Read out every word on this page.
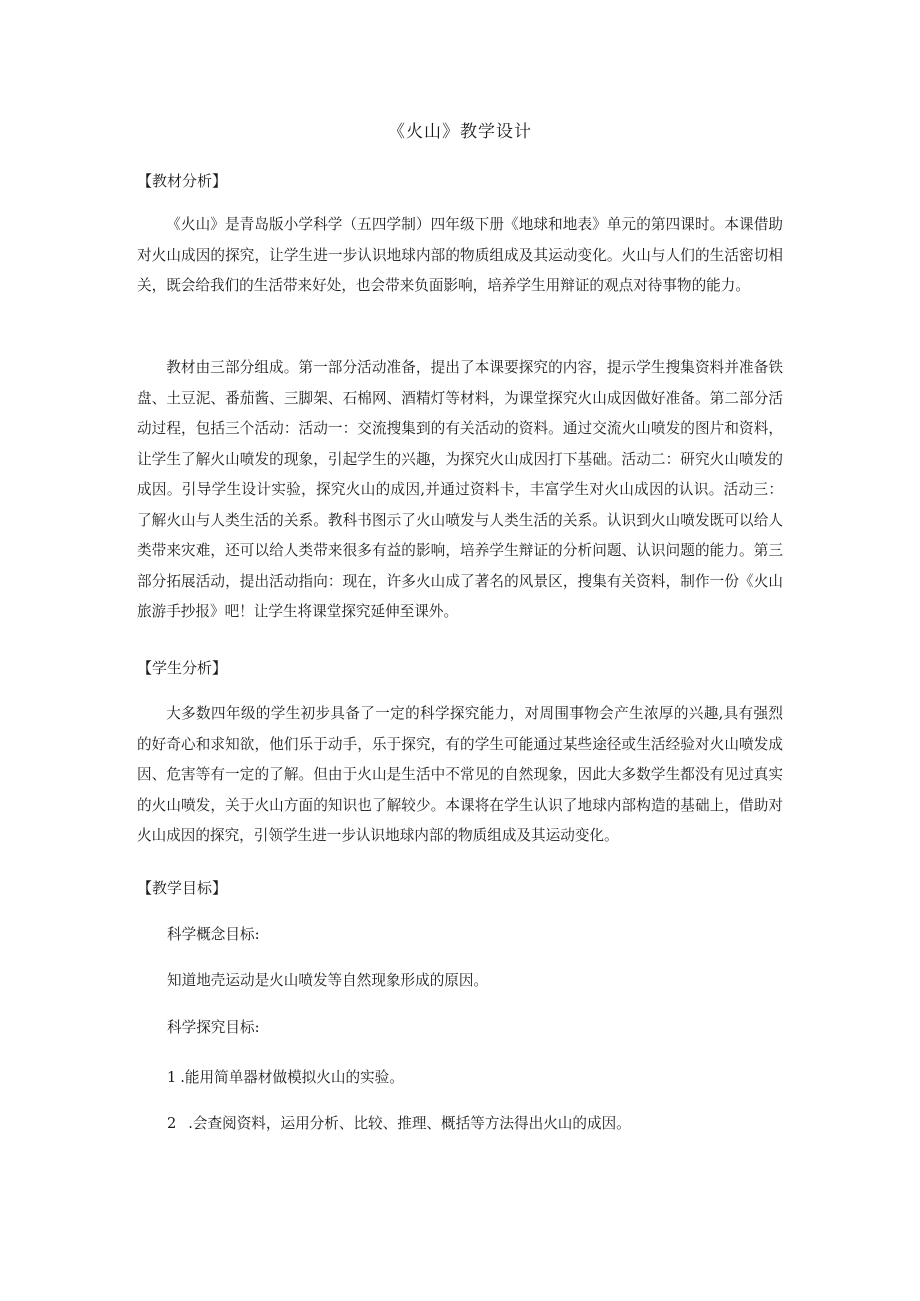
《火山》教学设计
【教材分析】
《火山》是青岛版小学科学（五四学制）四年级下册《地球和地表》单元的第四课时。本课借助对火山成因的探究，让学生进一步认识地球内部的物质组成及其运动变化。火山与人们的生活密切相关，既会给我们的生活带来好处，也会带来负面影响，培养学生用辩证的观点对待事物的能力。
教材由三部分组成。第一部分活动准备，提出了本课要探究的内容，提示学生搜集资料并准备铁盘、土豆泥、番茄酱、三脚架、石棉网、酒精灯等材料，为课堂探究火山成因做好准备。第二部分活动过程，包括三个活动：活动一：交流搜集到的有关活动的资料。通过交流火山喷发的图片和资料，让学生了解火山喷发的现象，引起学生的兴趣，为探究火山成因打下基础。活动二：研究火山喷发的成因。引导学生设计实验，探究火山的成因,并通过资料卡，丰富学生对火山成因的认识。活动三：了解火山与人类生活的关系。教科书图示了火山喷发与人类生活的关系。认识到火山喷发既可以给人类带来灾难，还可以给人类带来很多有益的影响，培养学生辩证的分析问题、认识问题的能力。第三部分拓展活动，提出活动指向：现在，许多火山成了著名的风景区，搜集有关资料，制作一份《火山旅游手抄报》吧！让学生将课堂探究延伸至课外。
【学生分析】
大多数四年级的学生初步具备了一定的科学探究能力，对周围事物会产生浓厚的兴趣,具有强烈的好奇心和求知欲，他们乐于动手，乐于探究，有的学生可能通过某些途径或生活经验对火山喷发成因、危害等有一定的了解。但由于火山是生活中不常见的自然现象，因此大多数学生都没有见过真实的火山喷发，关于火山方面的知识也了解较少。本课将在学生认识了地球内部构造的基础上，借助对火山成因的探究，引领学生进一步认识地球内部的物质组成及其运动变化。
【教学目标】
科学概念目标:
知道地壳运动是火山喷发等自然现象形成的原因。
科学探究目标:
1 .能用简单器材做模拟火山的实验。
2 .会查阅资料，运用分析、比较、推理、概括等方法得出火山的成因。
